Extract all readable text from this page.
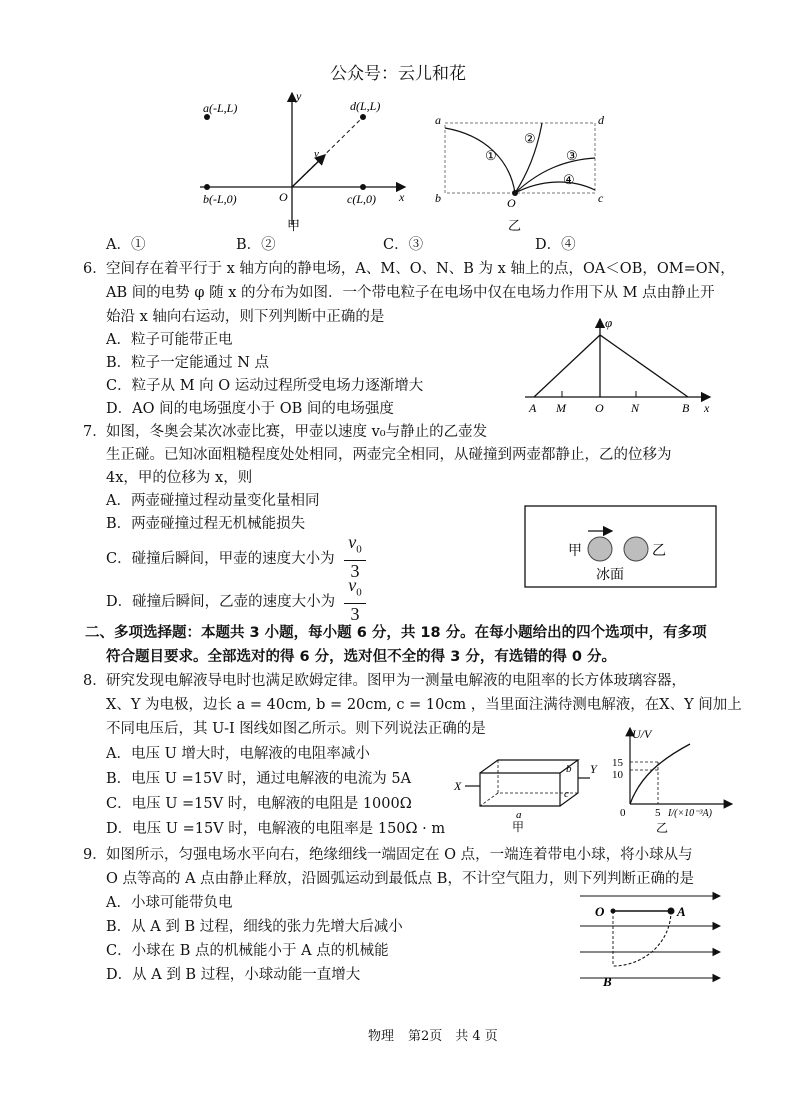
公众号：云儿和花
a(-L,L)	d(L,L)
b(-L,0)	c(L,0)
O
y
x
v
甲
a	d
b	c
O
①
②
③
④
乙
A．①	B．②	C．③	D．④
6． 空间存在着平行于 x 轴方向的静电场，A、M、O、N、B 为 x 轴上的点，OA＜OB，OM=ON，
AB 间的电势 φ 随 x 的分布为如图．一个带电粒子在电场中仅在电场力作用下从 M 点由静止开
始沿 x 轴向右运动，则下列判断中正确的是
A．粒子可能带正电
B．粒子一定能通过 N 点
C．粒子从 M 向 O 运动过程所受电场力逐渐增大
D．AO 间的电场强度小于 OB 间的电场强度
φ
A M O N	B x
7． 如图，冬奥会某次冰壶比赛，甲壶以速度 v₀与静止的乙壶发
生正碰。已知冰面粗糙程度处处相同，两壶完全相同，从碰撞到两壶都静止，乙的位移为
4x，甲的位移为 x，则
A．两壶碰撞过程动量变化量相同
B．两壶碰撞过程无机械能损失
C．碰撞后瞬间，甲壶的速度大小为 $\frac{v_0}{3}$
D．碰撞后瞬间，乙壶的速度大小为 $\frac{v_0}{3}$
甲	乙
冰面
二、多项选择题：本题共 3 小题，每小题 6 分，共 18 分。在每小题给出的四个选项中，有多项
符合题目要求。全部选对的得 6 分，选对但不全的得 3 分，有选错的得 0 分。
8． 研究发现电解液导电时也满足欧姆定律。图甲为一测量电解液的电阻率的长方体玻璃容器，
X、Y 为电极，边长 a = 40cm, b = 20cm, c = 10cm ，当里面注满待测电解液，在X、Y 间加上
不同电压后，其 U-I 图线如图乙所示。则下列说法正确的是
A．电压 U 增大时，电解液的电阻率减小
B．电压 U =15V 时，通过电解液的电流为 5A
C．电压 U =15V 时，电解液的电阻是 1000Ω
D．电压 U =15V 时，电解液的电阻率是 150Ω · m
X
Y
b
c
a
甲
U/V
15
10
0	5 I/(×10⁻³A)
乙
9． 如图所示，匀强电场水平向右，绝缘细线一端固定在 O 点，一端连着带电小球，将小球从与
O 点等高的 A 点由静止释放，沿圆弧运动到最低点 B，不计空气阻力，则下列判断正确的是
A．小球可能带负电
B．从 A 到 B 过程，细线的张力先增大后减小
C．小球在 B 点的机械能小于 A 点的机械能
D．从 A 到 B 过程，小球动能一直增大
O	A
B
物理 第2页　共 4 页
